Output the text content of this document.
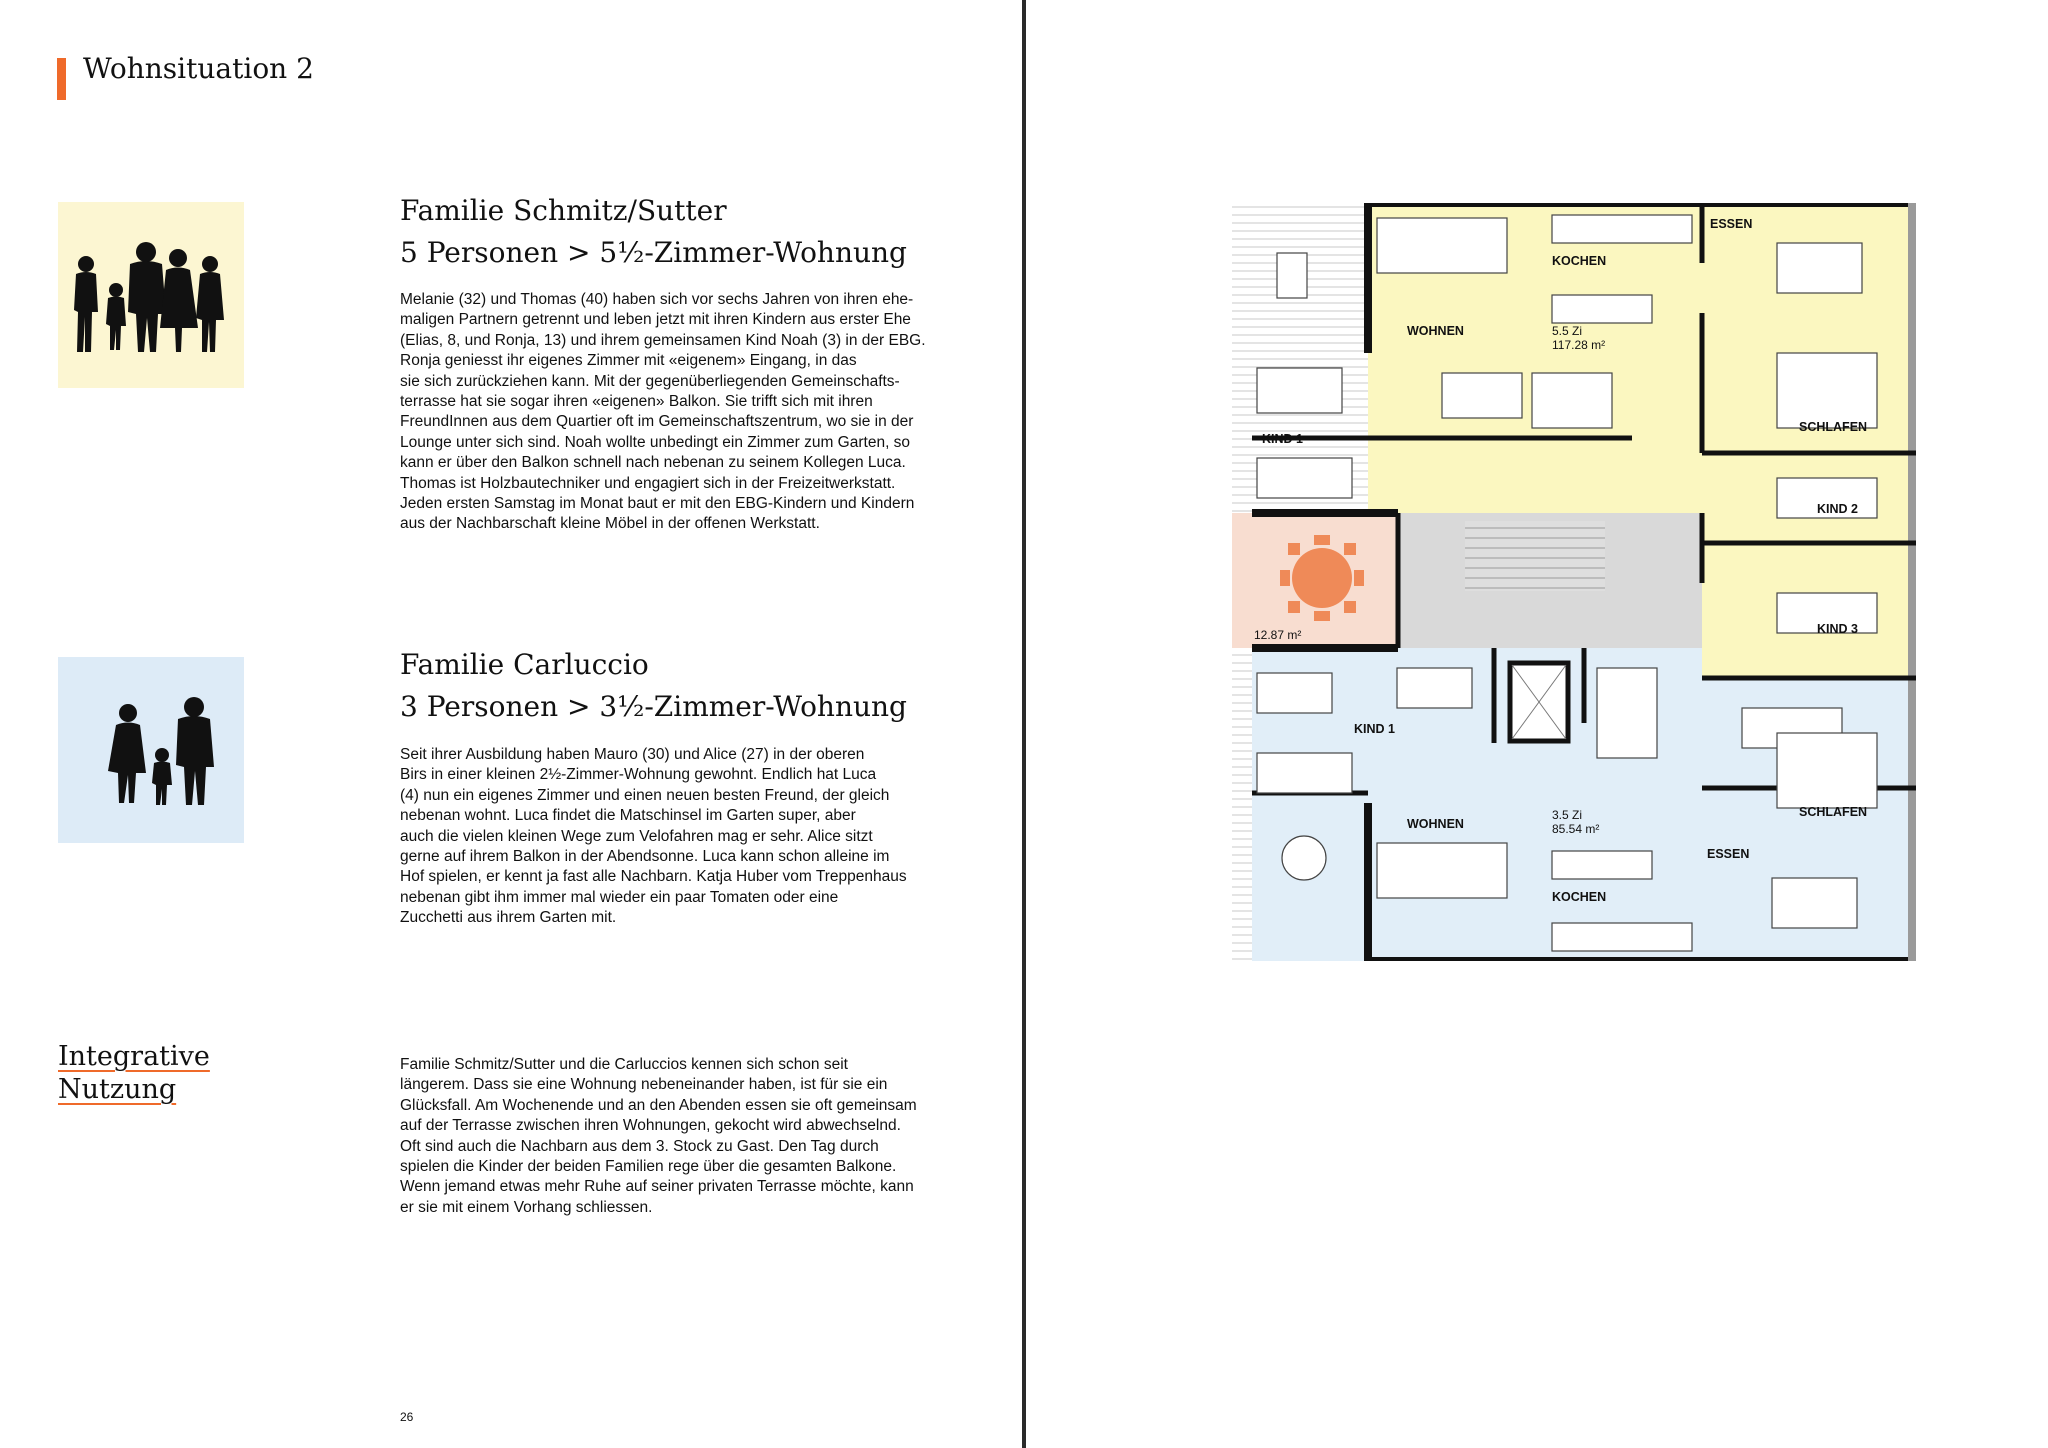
Wohnsituation 2
Familie Schmitz/Sutter
5 Personen > 5½-Zimmer-Wohnung
Melanie (32) und Thomas (40) haben sich vor sechs Jahren von ihren ehe-
maligen Partnern getrennt und leben jetzt mit ihren Kindern aus erster Ehe
(Elias, 8, und Ronja, 13) und ihrem gemeinsamen Kind Noah (3) in der EBG.
Ronja geniesst ihr eigenes Zimmer mit «eigenem» Eingang, in das
sie sich zurückziehen kann. Mit der gegenüberliegenden Gemeinschafts-
terrasse hat sie sogar ihren «eigenen» Balkon. Sie trifft sich mit ihren
FreundInnen aus dem Quartier oft im Gemeinschaftszentrum, wo sie in der
Lounge unter sich sind. Noah wollte unbedingt ein Zimmer zum Garten, so
kann er über den Balkon schnell nach nebenan zu seinem Kollegen Luca.
Thomas ist Holzbautechniker und engagiert sich in der Freizeitwerkstatt.
Jeden ersten Samstag im Monat baut er mit den EBG-Kindern und Kindern
aus der Nachbarschaft kleine Möbel in der offenen Werkstatt.
Familie Carluccio
3 Personen > 3½-Zimmer-Wohnung
Seit ihrer Ausbildung haben Mauro (30) und Alice (27) in der oberen
Birs in einer kleinen 2½-Zimmer-Wohnung gewohnt. Endlich hat Luca
(4) nun ein eigenes Zimmer und einen neuen besten Freund, der gleich
nebenan wohnt. Luca findet die Matschinsel im Garten super, aber
auch die vielen kleinen Wege zum Velofahren mag er sehr. Alice sitzt
gerne auf ihrem Balkon in der Abendsonne. Luca kann schon alleine im
Hof spielen, er kennt ja fast alle Nachbarn. Katja Huber vom Treppenhaus
nebenan gibt ihm immer mal wieder ein paar Tomaten oder eine
Zucchetti aus ihrem Garten mit.
Integrative
Nutzung
Familie Schmitz/Sutter und die Carluccios kennen sich schon seit
längerem. Dass sie eine Wohnung nebeneinander haben, ist für sie ein
Glücksfall. Am Wochenende und an den Abenden essen sie oft gemeinsam
auf der Terrasse zwischen ihren Wohnungen, gekocht wird abwechselnd.
Oft sind auch die Nachbarn aus dem 3. Stock zu Gast. Den Tag durch
spielen die Kinder der beiden Familien rege über die gesamten Balkone.
Wenn jemand etwas mehr Ruhe auf seiner privaten Terrasse möchte, kann
er sie mit einem Vorhang schliessen.
26
ESSEN
KOCHEN
WOHNEN	5.5 Zi
117.28 m²
SCHLAFEN
KIND 1
KIND 2
KIND 3
12.87 m²
KIND 1
WOHNEN
3.5 Zi
85.54 m²
SCHLAFEN
ESSEN
KOCHEN
